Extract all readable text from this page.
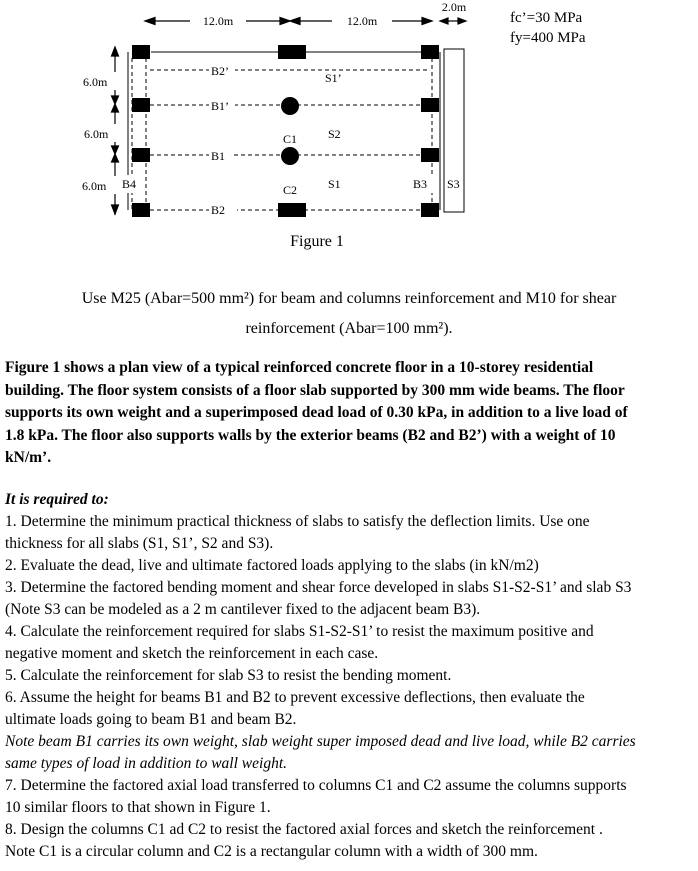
12.0m	12.0m
2.0m
fc’=30 MPa
fy=400 MPa
6.0m
6.0m
6.0m
B2’
B1’
B1
B2
B3
B4
S1’
S2
S1	S3
C1
C2
Figure 1
Use M25 (Abar=500 mm²) for beam and columns reinforcement and M10 for shear
reinforcement (Abar=100 mm²).
Figure 1 shows a plan view of a typical reinforced concrete floor in a 10-storey residential
building. The floor system consists of a floor slab supported by 300 mm wide beams. The floor
supports its own weight and a superimposed dead load of 0.30 kPa, in addition to a live load of
1.8 kPa. The floor also supports walls by the exterior beams (B2 and B2’) with a weight of 10
kN/m’.

It is required to:

1. Determine the minimum practical thickness of slabs to satisfy the deflection limits. Use one

thickness for all slabs (S1, S1’, S2 and S3).

2. Evaluate the dead, live and ultimate factored loads applying to the slabs (in kN/m2)

3. Determine the factored bending moment and shear force developed in slabs S1-S2-S1’ and slab S3

(Note S3 can be modeled as a 2 m cantilever fixed to the adjacent beam B3).

4. Calculate the reinforcement required for slabs S1-S2-S1’ to resist the maximum positive and

negative moment and sketch the reinforcement in each case.

5. Calculate the reinforcement for slab S3 to resist the bending moment.

6. Assume the height for beams B1 and B2 to prevent excessive deflections, then evaluate the

ultimate loads going to beam B1 and beam B2.

Note beam B1 carries its own weight, slab weight super imposed dead and live load, while B2 carries

same types of load in addition to wall weight.

7. Determine the factored axial load transferred to columns C1 and C2 assume the columns supports

10 similar floors to that shown in Figure 1.

8. Design the columns C1 ad C2 to resist the factored axial forces and sketch the reinforcement .

Note C1 is a circular column and C2 is a rectangular column with a width of 300 mm.
